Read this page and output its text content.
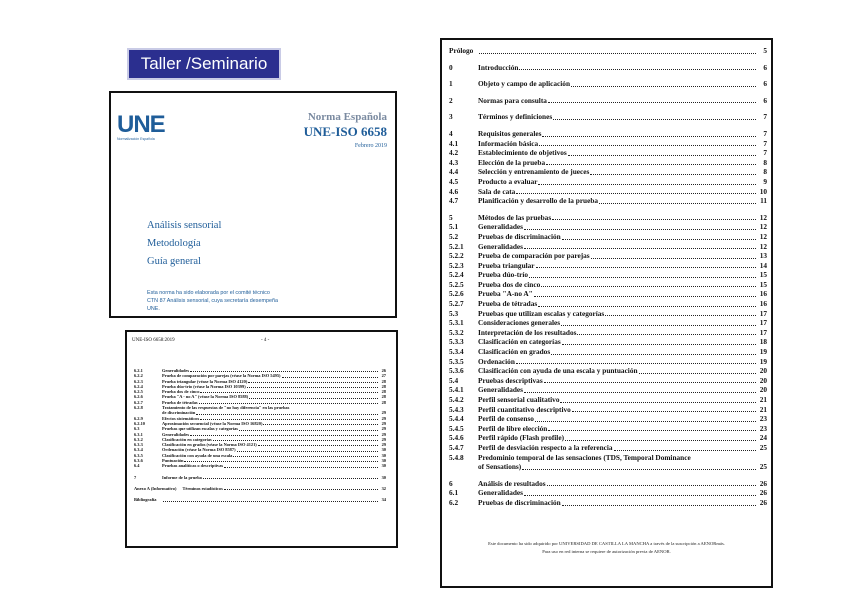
Taller /Seminario
UNE
Normalización Española
Norma Española
UNE-ISO 6658
Febrero 2019
Análisis sensorial
Metodología
Guía general
Esta norma ha sido elaborada por el comité técnico
CTN 87 Análisis sensorial, cuya secretaría desempeña
UNE.
UNE-ISO 6658:2019	- 4 -
6.2.1	Generalidades	26
6.2.2	Prueba de comparación por parejas (véase la Norma ISO 5495)	27
6.2.3	Prueba triangular (véase la Norma ISO 4120)	28
6.2.4	Prueba dúo-trío (véase la Norma ISO 10399)	28
6.2.5	Prueba dos de cinco	28
6.2.6	Prueba "A - no A" (véase la Norma ISO 8588)	28
6.2.7	Prueba de tétradas	28
6.2.8	Tratamiento de las respuestas de "no hay diferencia" en las pruebas
de discriminación	29
6.2.9	Efectos sistemáticos	29
6.2.10	Aproximación secuencial (véase la Norma ISO 16820)	29
6.3	Pruebas que utilizan escalas y categorías	29
6.3.1	Generalidades	29
6.3.2	Clasificación en categorías	29
6.3.3	Clasificación en grados (véase la Norma ISO 4121)	29
6.3.4	Ordenación (véase la Norma ISO 8587)	30
6.3.5	Clasificación con ayuda de una escala	30
6.3.6	Puntuación	30
6.4	Pruebas analíticas o descriptivas	30
7	Informe de la prueba	30
Anexo A (Informativo) Términos estadísticos	32
Bibliografía	34
Prólogo	5
0	Introducción	6
1	Objeto y campo de aplicación	6
2	Normas para consulta	6
3	Términos y definiciones	7
4	Requisitos generales	7
4.1	Información básica	7
4.2	Establecimiento de objetivos	7
4.3	Elección de la prueba	8
4.4	Selección y entrenamiento de jueces	8
4.5	Producto a evaluar	9
4.6	Sala de cata	10
4.7	Planificación y desarrollo de la prueba	11
5	Métodos de las pruebas	12
5.1	Generalidades	12
5.2	Pruebas de discriminación	12
5.2.1	Generalidades	12
5.2.2	Prueba de comparación por parejas	13
5.2.3	Prueba triangular	14
5.2.4	Prueba dúo-trío	15
5.2.5	Prueba dos de cinco	15
5.2.6	Prueba "A-no A"	16
5.2.7	Prueba de tétradas	16
5.3	Pruebas que utilizan escalas y categorías	17
5.3.1	Consideraciones generales	17
5.3.2	Interpretación de los resultados	17
5.3.3	Clasificación en categorías	18
5.3.4	Clasificación en grados	19
5.3.5	Ordenación	19
5.3.6	Clasificación con ayuda de una escala y puntuación	20
5.4	Pruebas descriptivas	20
5.4.1	Generalidades	20
5.4.2	Perfil sensorial cualitativo	21
5.4.3	Perfil cuantitativo descriptivo	21
5.4.4	Perfil de consenso	23
5.4.5	Perfil de libre elección	23
5.4.6	Perfil rápido (Flash profile)	24
5.4.7	Perfil de desviación respecto a la referencia	25
5.4.8	Predominio temporal de las sensaciones (TDS, Temporal Dominance
of Sensations)	25
6	Análisis de resultados	26
6.1	Generalidades	26
6.2	Pruebas de discriminación	26
Este documento ha sido adquirido por UNIVERSIDAD DE CASTILLA LA MANCHA a través de la suscripción a AENORmás.
Para uso en red interna se requiere de autorización previa de AENOR.
